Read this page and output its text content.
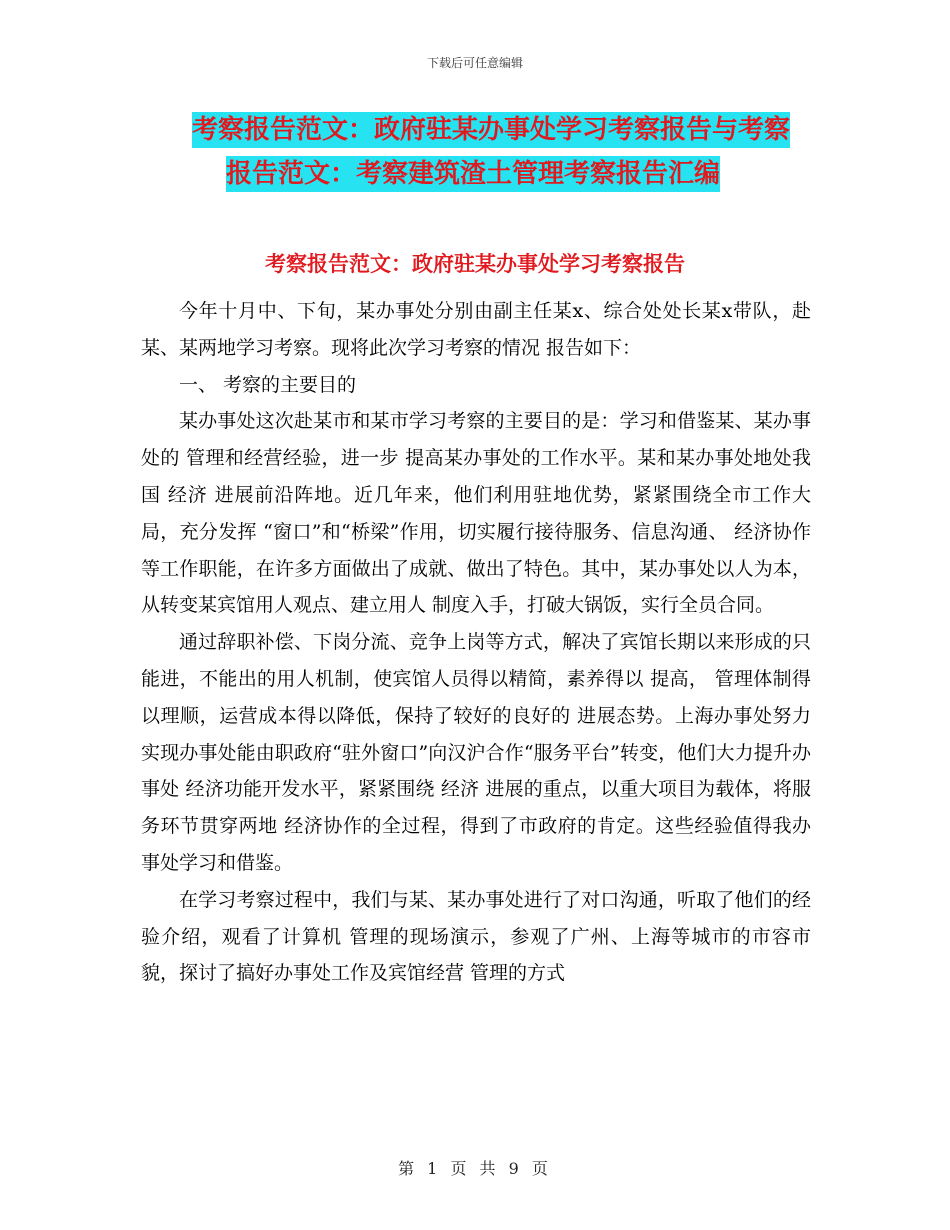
下载后可任意编辑
考察报告范文：政府驻某办事处学习考察报告与考察
报告范文：考察建筑渣土管理考察报告汇编
考察报告范文：政府驻某办事处学习考察报告

今年十月中、下旬，某办事处分别由副主任某x、综合处处长某x带队，赴某、某两地学习考察。现将此次学习考察的情况 报告如下：

一、 考察的主要目的

某办事处这次赴某市和某市学习考察的主要目的是：学习和借鉴某、某办事处的 管理和经营经验，进一步 提高某办事处的工作水平。某和某办事处地处我国 经济 进展前沿阵地。近几年来，他们利用驻地优势，紧紧围绕全市工作大局，充分发挥 “窗口”和“桥梁”作用，切实履行接待服务、信息沟通、 经济协作等工作职能，在许多方面做出了成就、做出了特色。其中，某办事处以人为本，从转变某宾馆用人观点、建立用人 制度入手，打破大锅饭，实行全员合同。

通过辞职补偿、下岗分流、竞争上岗等方式，解决了宾馆长期以来形成的只能进，不能出的用人机制，使宾馆人员得以精简，素养得以 提高， 管理体制得以理顺，运营成本得以降低，保持了较好的良好的 进展态势。上海办事处努力实现办事处能由职政府“驻外窗口”向汉沪合作“服务平台”转变，他们大力提升办事处 经济功能开发水平，紧紧围绕 经济 进展的重点，以重大项目为载体，将服务环节贯穿两地 经济协作的全过程，得到了市政府的肯定。这些经验值得我办事处学习和借鉴。

在学习考察过程中，我们与某、某办事处进行了对口沟通，听取了他们的经验介绍，观看了计算机 管理的现场演示，参观了广州、上海等城市的市容市貌，探讨了搞好办事处工作及宾馆经营 管理的方式

第 1 页 共 9 页
